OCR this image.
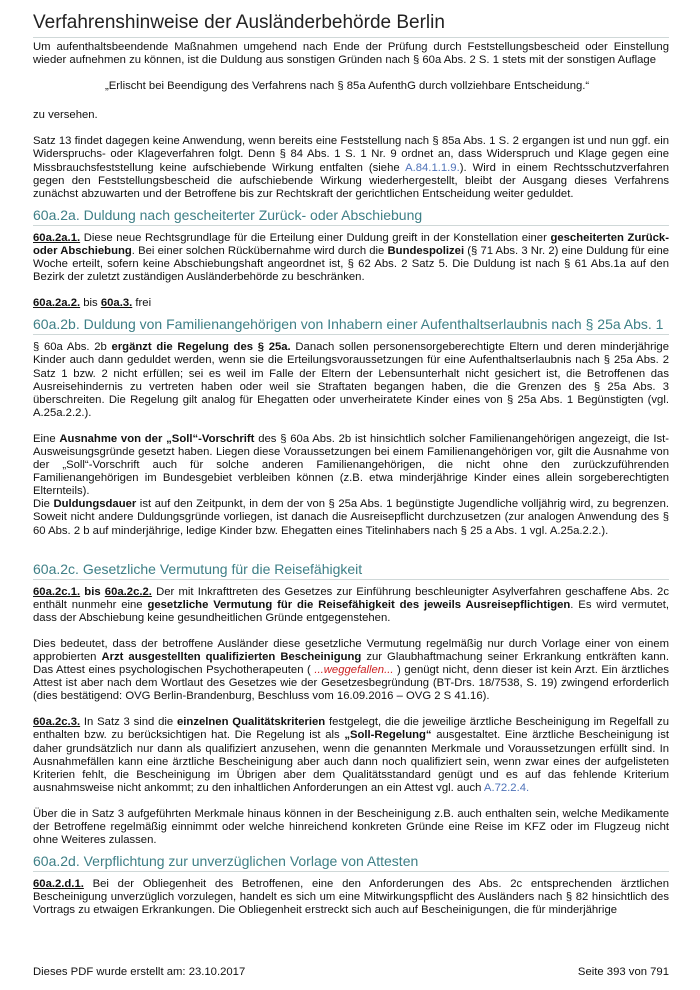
Verfahrenshinweise der Ausländerbehörde Berlin

Um aufenthaltsbeendende Maßnahmen umgehend nach Ende der Prüfung durch Feststellungsbescheid oder Einstellung wieder aufnehmen zu können, ist die Duldung aus sonstigen Gründen nach § 60a Abs. 2 S. 1 stets mit der sonstigen Auflage

„Erlischt bei Beendigung des Verfahrens nach § 85a AufenthG durch vollziehbare Entscheidung.“

zu versehen.

Satz 13 findet dagegen keine Anwendung, wenn bereits eine Feststellung nach § 85a Abs. 1 S. 2 ergangen ist und nun ggf. ein Widerspruchs- oder Klageverfahren folgt. Denn § 84 Abs. 1 S. 1 Nr. 9 ordnet an, dass Widerspruch und Klage gegen eine Missbrauchsfeststellung keine aufschiebende Wirkung entfalten (siehe A.84.1.1.9.). Wird in einem Rechtsschutzverfahren gegen den Feststellungsbescheid die aufschiebende Wirkung wiederhergestellt, bleibt der Ausgang dieses Verfahrens zunächst abzuwarten und der Betroffene bis zur Rechtskraft der gerichtlichen Entscheidung weiter geduldet.

60a.2a. Duldung nach gescheiterter Zurück- oder Abschiebung

60a.2a.1. Diese neue Rechtsgrundlage für die Erteilung einer Duldung greift in der Konstellation einer gescheiterten Zurück- oder Abschiebung. Bei einer solchen Rückübernahme wird durch die Bundespolizei (§ 71 Abs. 3 Nr. 2) eine Duldung für eine Woche erteilt, sofern keine Abschiebungshaft angeordnet ist, § 62 Abs. 2 Satz 5. Die Duldung ist nach § 61 Abs.1a auf den Bezirk der zuletzt zuständigen Ausländerbehörde zu beschränken.

60a.2a.2. bis 60a.3. frei

60a.2b. Duldung von Familienangehörigen von Inhabern einer Aufenthaltserlaubnis nach § 25a Abs. 1

§ 60a Abs. 2b ergänzt die Regelung des § 25a. Danach sollen personensorgeberechtigte Eltern und deren minderjährige Kinder auch dann geduldet werden, wenn sie die Erteilungsvoraussetzungen für eine Aufenthaltserlaubnis nach § 25a Abs. 2 Satz 1 bzw. 2 nicht erfüllen; sei es weil im Falle der Eltern der Lebensunterhalt nicht gesichert ist, die Betroffenen das Ausreisehindernis zu vertreten haben oder weil sie Straftaten begangen haben, die die Grenzen des § 25a Abs. 3 überschreiten. Die Regelung gilt analog für Ehegatten oder unverheiratete Kinder eines von § 25a Abs. 1 Begünstigten (vgl. A.25a.2.2.).

Eine Ausnahme von der „Soll“-Vorschrift des § 60a Abs. 2b ist hinsichtlich solcher Familienangehörigen angezeigt, die Ist- Ausweisungsgründe gesetzt haben. Liegen diese Voraussetzungen bei einem Familienangehörigen vor, gilt die Ausnahme von der „Soll“-Vorschrift auch für solche anderen Familienangehörigen, die nicht ohne den zurückzuführenden Familienangehörigen im Bundesgebiet verbleiben können (z.B. etwa minderjährige Kinder eines allein sorgeberechtigten Elternteils).

Die Duldungsdauer ist auf den Zeitpunkt, in dem der von § 25a Abs. 1 begünstigte Jugendliche volljährig wird, zu begrenzen. Soweit nicht andere Duldungsgründe vorliegen, ist danach die Ausreisepflicht durchzusetzen (zur analogen Anwendung des § 60 Abs. 2 b auf minderjährige, ledige Kinder bzw. Ehegatten eines Titelinhabers nach § 25 a Abs. 1 vgl. A.25a.2.2.).

60a.2c. Gesetzliche Vermutung für die Reisefähigkeit

60a.2c.1. bis 60a.2c.2. Der mit Inkrafttreten des Gesetzes zur Einführung beschleunigter Asylverfahren geschaffene Abs. 2c enthält nunmehr eine gesetzliche Vermutung für die Reisefähigkeit des jeweils Ausreisepflichtigen. Es wird vermutet, dass der Abschiebung keine gesundheitlichen Gründe entgegenstehen.

Dies bedeutet, dass der betroffene Ausländer diese gesetzliche Vermutung regelmäßig nur durch Vorlage einer von einem approbierten Arzt ausgestellten qualifizierten Bescheinigung zur Glaubhaftmachung seiner Erkrankung entkräften kann. Das Attest eines psychologischen Psychotherapeuten ( ...weggefallen... ) genügt nicht, denn dieser ist kein Arzt. Ein ärztliches Attest ist aber nach dem Wortlaut des Gesetzes wie der Gesetzesbegründung (BT-Drs. 18/7538, S. 19) zwingend erforderlich (dies bestätigend: OVG Berlin-Brandenburg, Beschluss vom 16.09.2016 – OVG 2 S 41.16).

60a.2c.3. In Satz 3 sind die einzelnen Qualitätskriterien festgelegt, die die jeweilige ärztliche Bescheinigung im Regelfall zu enthalten bzw. zu berücksichtigen hat. Die Regelung ist als „Soll-Regelung“ ausgestaltet. Eine ärztliche Bescheinigung ist daher grundsätzlich nur dann als qualifiziert anzusehen, wenn die genannten Merkmale und Voraussetzungen erfüllt sind. In Ausnahmefällen kann eine ärztliche Bescheinigung aber auch dann noch qualifiziert sein, wenn zwar eines der aufgelisteten Kriterien fehlt, die Bescheinigung im Übrigen aber dem Qualitätsstandard genügt und es auf das fehlende Kriterium ausnahmsweise nicht ankommt; zu den inhaltlichen Anforderungen an ein Attest vgl. auch A.72.2.4.

Über die in Satz 3 aufgeführten Merkmale hinaus können in der Bescheinigung z.B. auch enthalten sein, welche Medikamente der Betroffene regelmäßig einnimmt oder welche hinreichend konkreten Gründe eine Reise im KFZ oder im Flugzeug nicht ohne Weiteres zulassen.

60a.2d. Verpflichtung zur unverzüglichen Vorlage von Attesten

60a.2.d.1. Bei der Obliegenheit des Betroffenen, eine den Anforderungen des Abs. 2c entsprechenden ärztlichen Bescheinigung unverzüglich vorzulegen, handelt es sich um eine Mitwirkungspflicht des Ausländers nach § 82 hinsichtlich des Vortrags zu etwaigen Erkrankungen. Die Obliegenheit erstreckt sich auch auf Bescheinigungen, die für minderjährige

Dieses PDF wurde erstellt am: 23.10.2017	Seite 393 von 791
